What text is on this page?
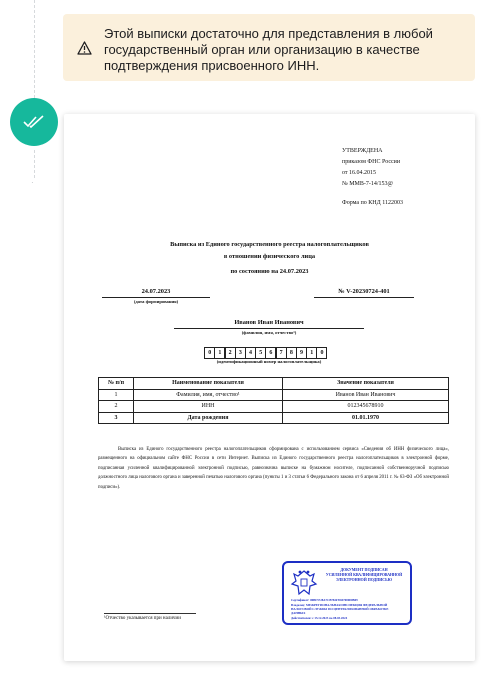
·
Этой выписки достаточно для представления в любой государственный орган или организацию в качестве подтверждения присвоенного ИНН.
УТВЕРЖДЕНА
приказом ФНС России
от 16.04.2015
№ ММВ-7-14/153@
Форма по КНД 1122003
Выписка из Единого государственного реестра налогоплательщиков
в отношении физического лица
по состоянию на 24.07.2023
24.07.2023
(дата формирования)
№ V-20230724-401
Иванов Иван Иванович
(фамилия, имя, отчество¹)
0	1	2	3	4	5	6	7	8	9	1	0
(идентификационный номер налогоплательщика)
№ п/п	Наименование показателя	Значение показателя
1	Фамилия, имя, отчество¹	Иванов Иван Иванович
2	ИНН	012345678910
3	Дата рождения	01.01.1970
Выписка из Единого государственного реестра налогоплательщиков сформирована с использованием сервиса «Сведения об ИНН физического лица», размещенного на официальном сайте ФНС России в сети Интернет. Выписка из Единого государственного реестра налогоплательщиков в электронной форме, подписанная усиленной квалифицированной электронной подписью, равнозначна выписке на бумажном носителе, подписанной собственноручной подписью должностного лица налогового органа и заверенной печатью налогового органа (пункты 1 и 3 статьи 6 Федерального закона от 6 апреля 2011 г. № 63-ФЗ «Об электронной подписи»).
ДОКУМЕНТ ПОДПИСАН
УСИЛЕННОЙ КВАЛИФИЦИРОВАННОЙ
ЭЛЕКТРОННОЙ ПОДПИСЬЮ
Сертификат: 00BF5728A7CB782F9D4700000B09
Владелец: МЕЖРЕГИОНАЛЬНАЯ ИНСПЕКЦИЯ ФЕДЕРАЛЬНОЙ
НАЛОГОВОЙ СЛУЖБЫ ПО ЦЕНТРАЛИЗОВАННОЙ ОБРАБОТКЕ
ДАННЫХ
Действителен: с 15.12.2023 по 08.03.2024
¹Отчество указывается при наличии
